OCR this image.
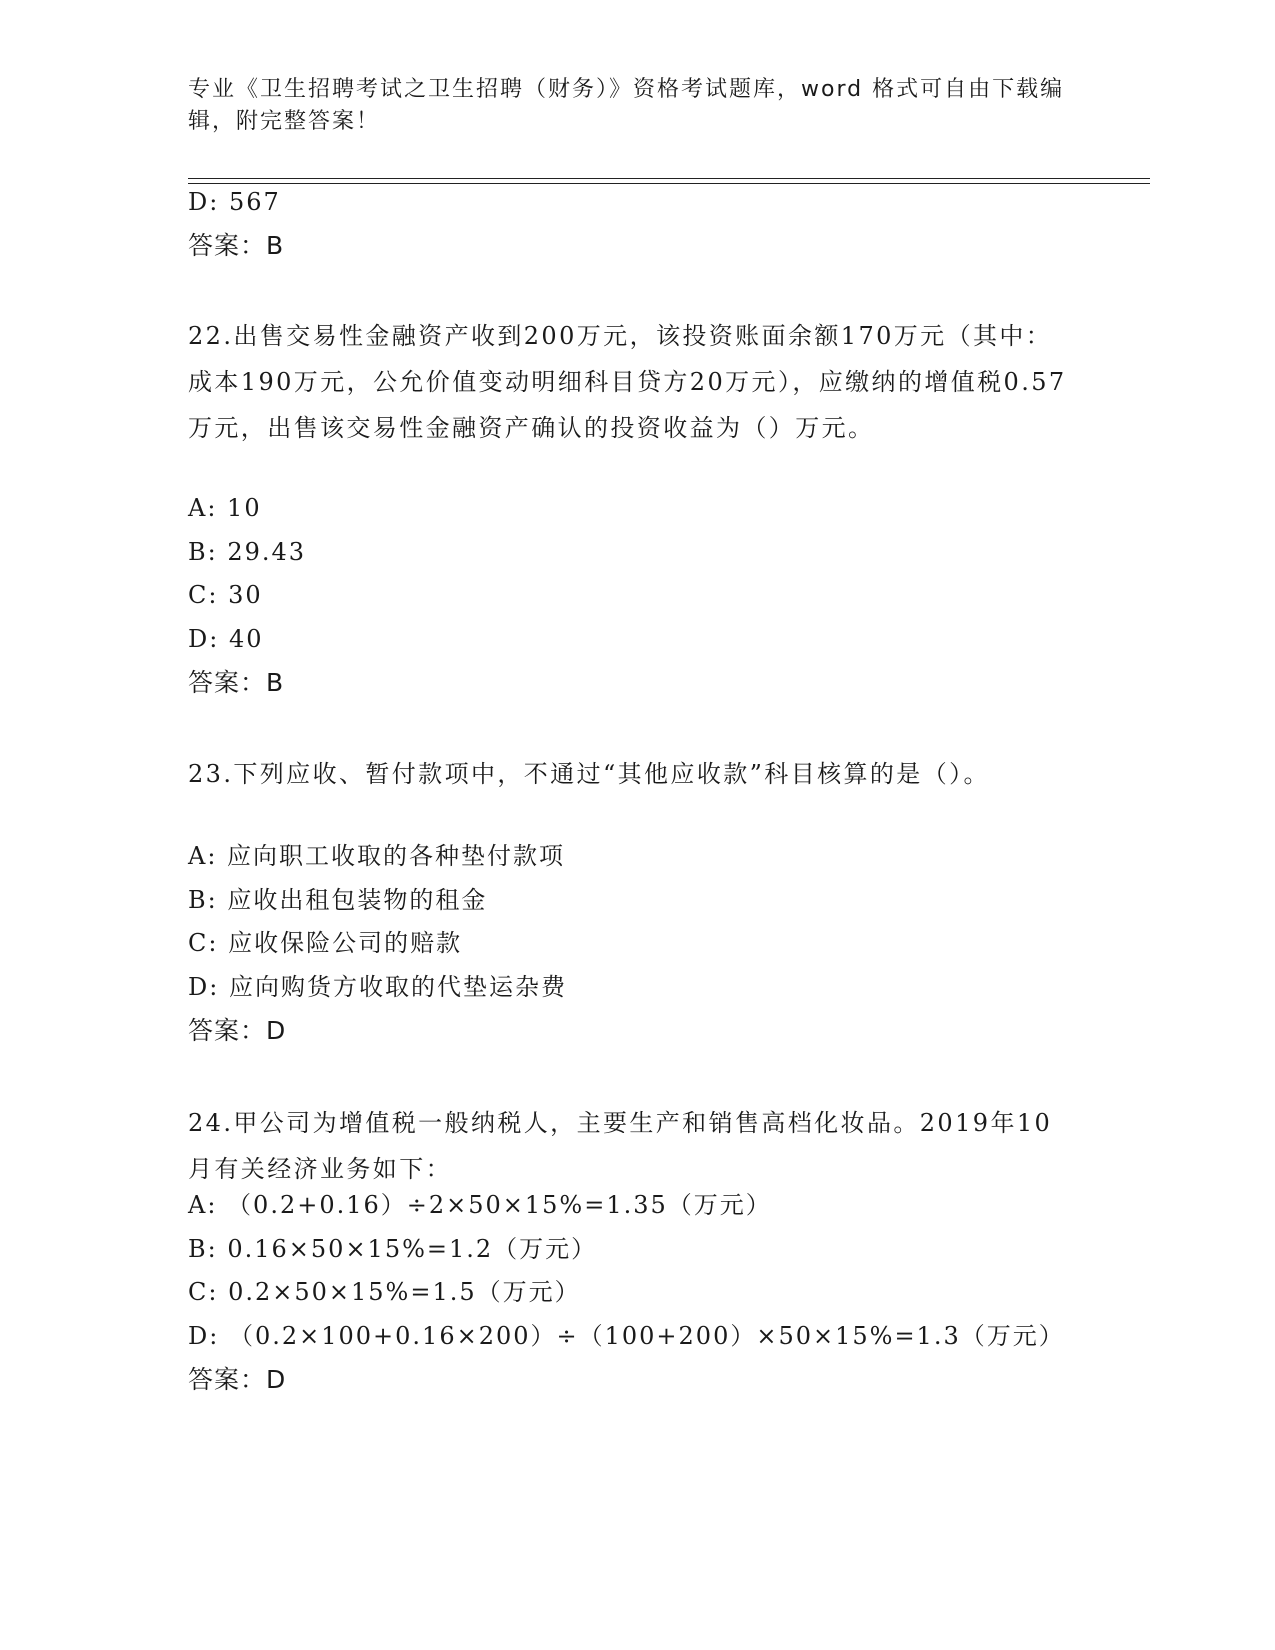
专业《卫生招聘考试之卫生招聘（财务）》资格考试题库，word 格式可自由下载编辑，附完整答案！
D: 567
答案：B
22.出售交易性金融资产收到200万元，该投资账面余额170万元（其中：成本190万元，公允价值变动明细科目贷方20万元），应缴纳的增值税0.57万元，出售该交易性金融资产确认的投资收益为（）万元。
A: 10
B: 29.43
C: 30
D: 40
答案：B
23.下列应收、暂付款项中，不通过“其他应收款”科目核算的是（）。
A: 应向职工收取的各种垫付款项
B: 应收出租包装物的租金
C: 应收保险公司的赔款
D: 应向购货方收取的代垫运杂费
答案：D
24.甲公司为增值税一般纳税人，主要生产和销售高档化妆品。2019年10月有关经济业务如下：
A: （0.2+0.16）÷2×50×15%=1.35（万元）
B: 0.16×50×15%=1.2（万元）
C: 0.2×50×15%=1.5（万元）
D: （0.2×100+0.16×200）÷（100+200）×50×15%=1.3（万元）
答案：D
